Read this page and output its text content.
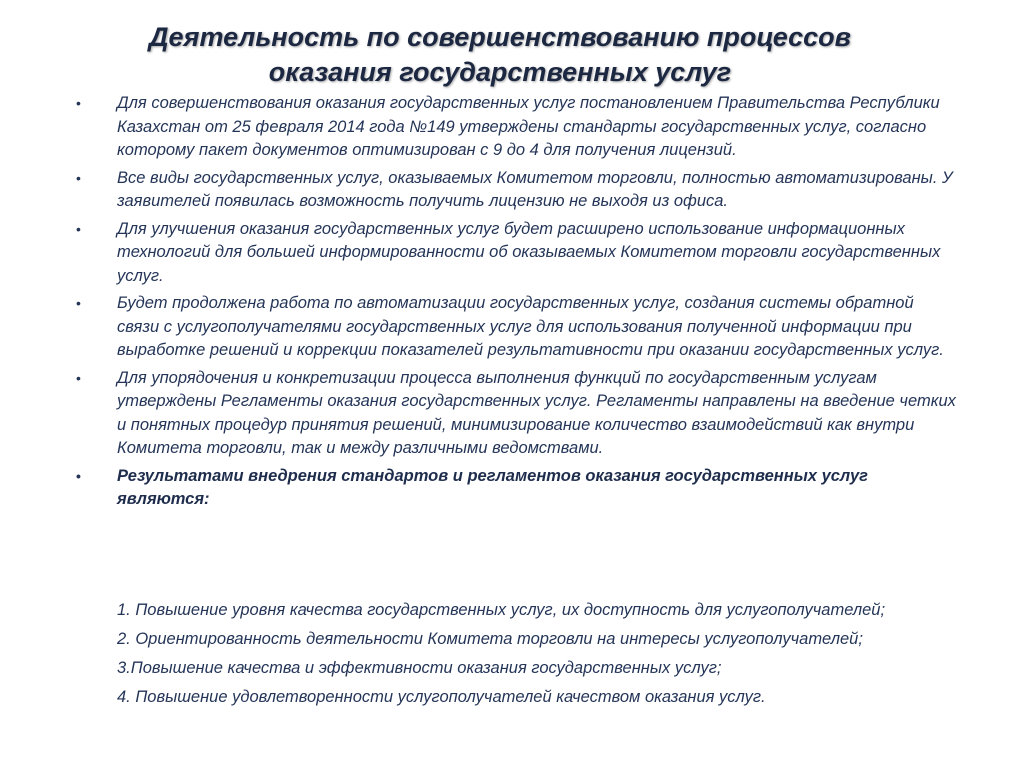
Деятельность по совершенствованию процессов
оказания государственных услуг
•	Для совершенствования оказания государственных услуг постановлением Правительства Республики Казахстан от 25 февраля 2014 года №149 утверждены стандарты государственных услуг, согласно которому пакет документов оптимизирован с 9 до 4 для получения лицензий.
•	Все виды государственных услуг, оказываемых Комитетом торговли, полностью автоматизированы. У заявителей появилась возможность получить лицензию не выходя из офиса.
•	Для улучшения оказания государственных услуг будет расширено использование информационных технологий для большей информированности об оказываемых Комитетом торговли государственных услуг.
•	Будет продолжена работа по автоматизации государственных услуг, создания системы обратной связи с услугополучателями государственных услуг для использования полученной информации при выработке решений и коррекции показателей результативности при оказании государственных услуг.
•	Для упорядочения и конкретизации процесса выполнения функций по государственным услугам утверждены Регламенты оказания государственных услуг. Регламенты направлены на введение четких и понятных процедур принятия решений, минимизирование количество взаимодействий как внутри Комитета торговли, так и между различными ведомствами.
•	Результатами внедрения стандартов и регламентов оказания государственных услуг являются:
1. Повышение уровня качества государственных услуг, их доступность для услугополучателей;
2. Ориентированность деятельности Комитета торговли на интересы услугополучателей;
3.Повышение качества и эффективности оказания государственных услуг;
4. Повышение удовлетворенности услугополучателей качеством оказания услуг.
